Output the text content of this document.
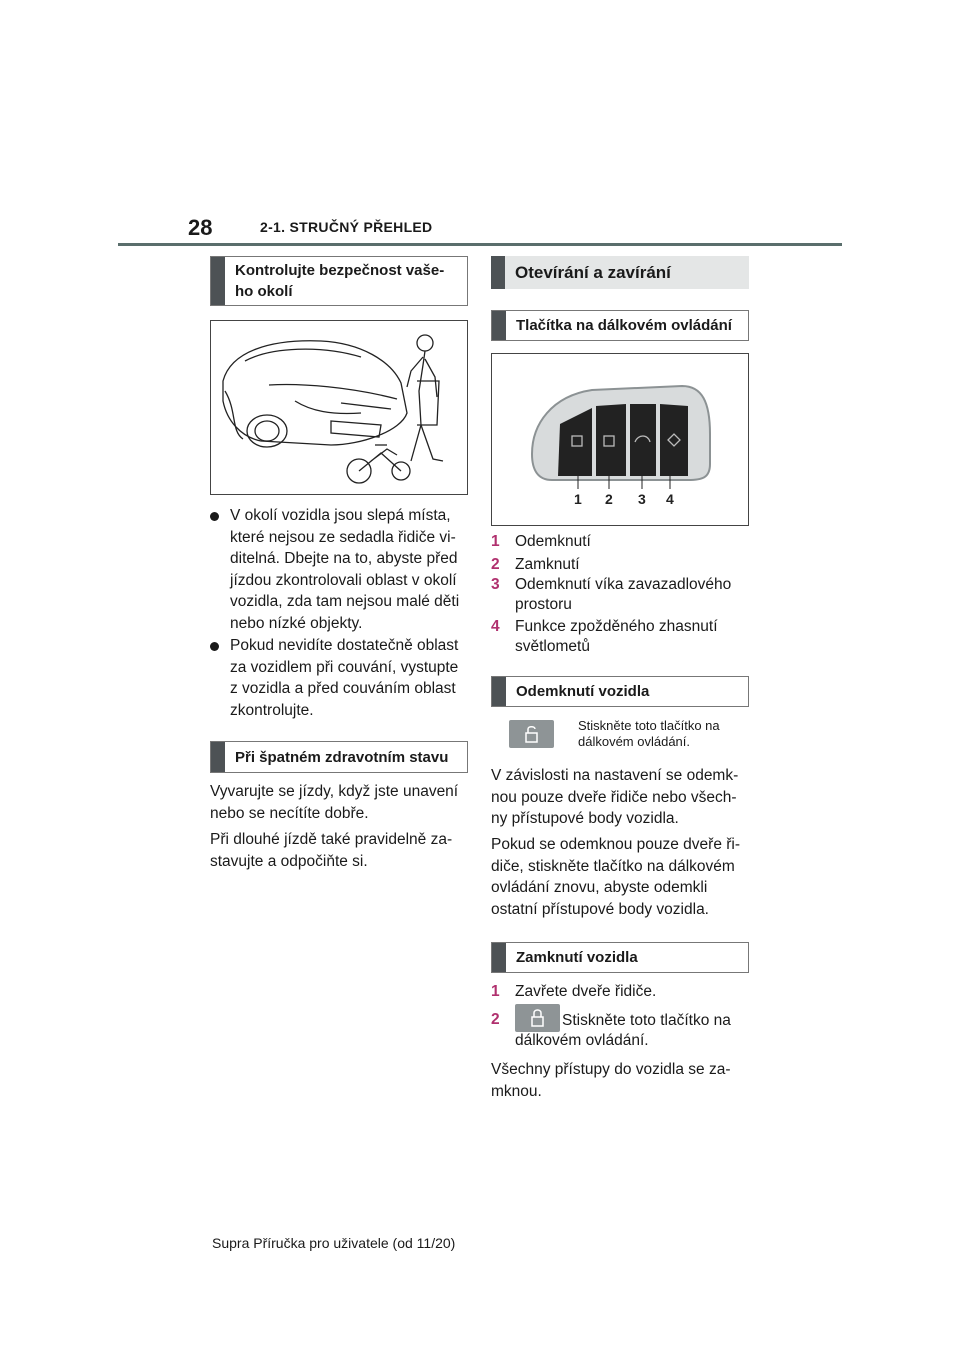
28	2-1. STRUČNÝ PŘEHLED
Kontrolujte bezpečnost vaše-
ho okolí
V okolí vozidla jsou slepá místa,
které nejsou ze sedadla řidiče vi-
ditelná. Dbejte na to, abyste před
jízdou zkontrolovali oblast v okolí
vozidla, zda tam nejsou malé děti
nebo nízké objekty.
Pokud nevidíte dostatečně oblast
za vozidlem při couvání, vystupte
z vozidla a před couváním oblast
zkontrolujte.
Při špatném zdravotním stavu
Vyvarujte se jízdy, když jste unavení
nebo se necítíte dobře.
Při dlouhé jízdě také pravidelně za-
stavujte a odpočiňte si.
Otevírání a zavírání
Tlačítka na dálkovém ovládání
1 2 3 4
1 Odemknutí
2 Zamknutí
3 Odemknutí víka zavazadlového
prostoru
4 Funkce zpožděného zhasnutí
světlometů
Odemknutí vozidla
Stiskněte toto tlačítko na
dálkovém ovládání.
V závislosti na nastavení se odemk-
nou pouze dveře řidiče nebo všech-
ny přístupové body vozidla.
Pokud se odemknou pouze dveře ři-
diče, stiskněte tlačítko na dálkovém
ovládání znovu, abyste odemkli
ostatní přístupové body vozidla.
Zamknutí vozidla
1 Zavřete dveře řidiče.
2	Stiskněte toto tlačítko na
dálkovém ovládání.
Všechny přístupy do vozidla se za-
mknou.
Supra Příručka pro uživatele (od 11/20)
